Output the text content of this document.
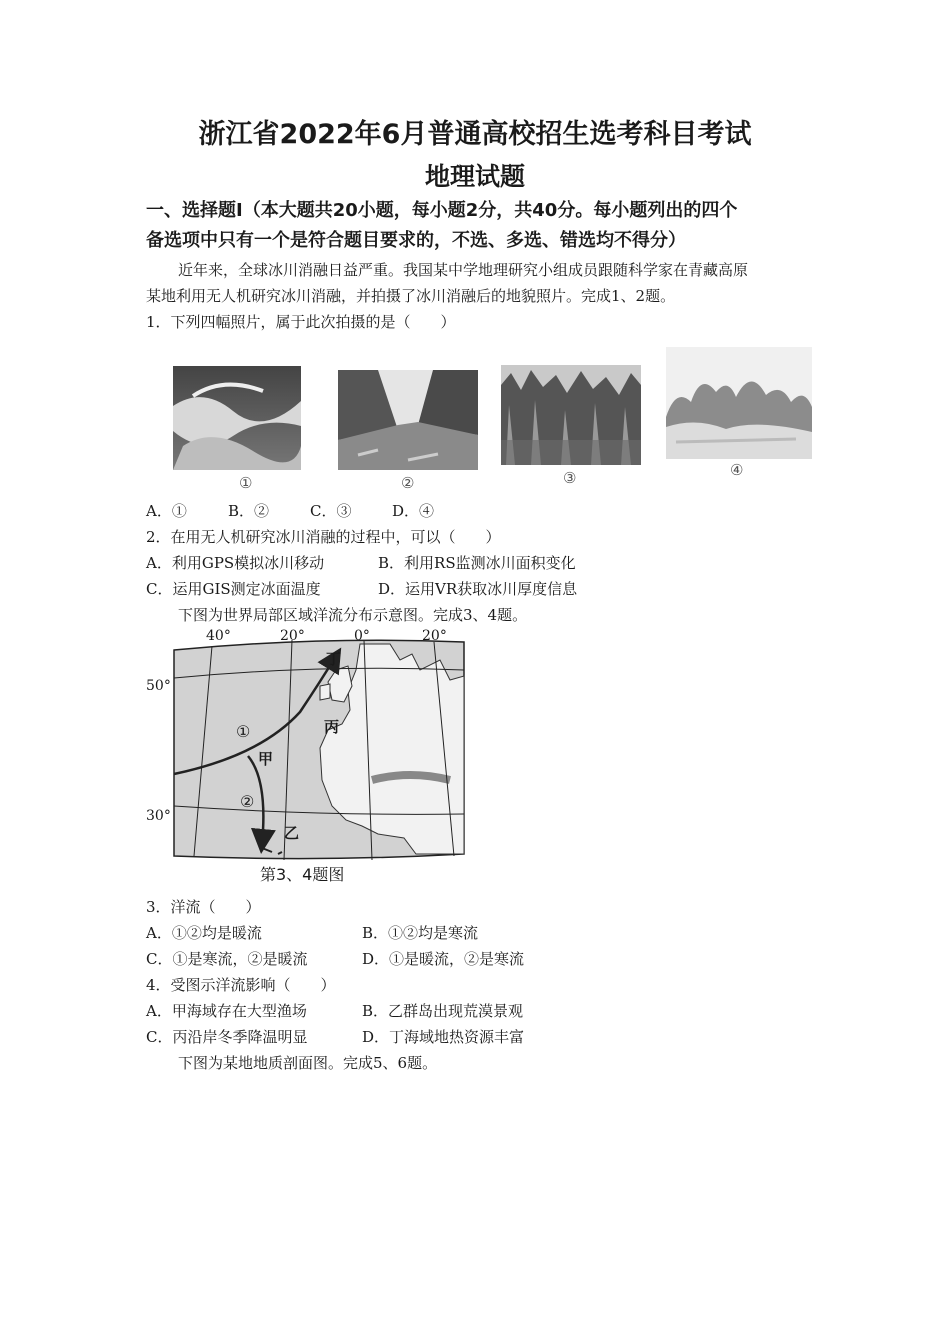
浙江省2022年6月普通高校招生选考科目考试
地理试题
一、选择题Ⅰ（本大题共20小题，每小题2分，共40分。每小题列出的四个
备选项中只有一个是符合题目要求的，不选、多选、错选均不得分）
近年来，全球冰川消融日益严重。我国某中学地理研究小组成员跟随科学家在青藏高原
某地利用无人机研究冰川消融，并拍摄了冰川消融后的地貌照片。完成1、2题。
1．下列四幅照片，属于此次拍摄的是（　　）
①	②	③	④
A．①	B．②	C．③	D．④
2．在用无人机研究冰川消融的过程中，可以（　　）
A．利用GPS模拟冰川移动	B．利用RS监测冰川面积变化
C．运用GIS测定冰面温度	D．运用VR获取冰川厚度信息
下图为世界局部区域洋流分布示意图。完成3、4题。
40°	20°	0°	20°
50°
30°
丁
丙
甲
乙
①
②
第3、4题图
3．洋流（　　）
A．①②均是暖流	B．①②均是寒流
C．①是寒流，②是暖流	D．①是暖流，②是寒流
4．受图示洋流影响（　　）
A．甲海域存在大型渔场	B．乙群岛出现荒漠景观
C．丙沿岸冬季降温明显	D．丁海域地热资源丰富
下图为某地地质剖面图。完成5、6题。
